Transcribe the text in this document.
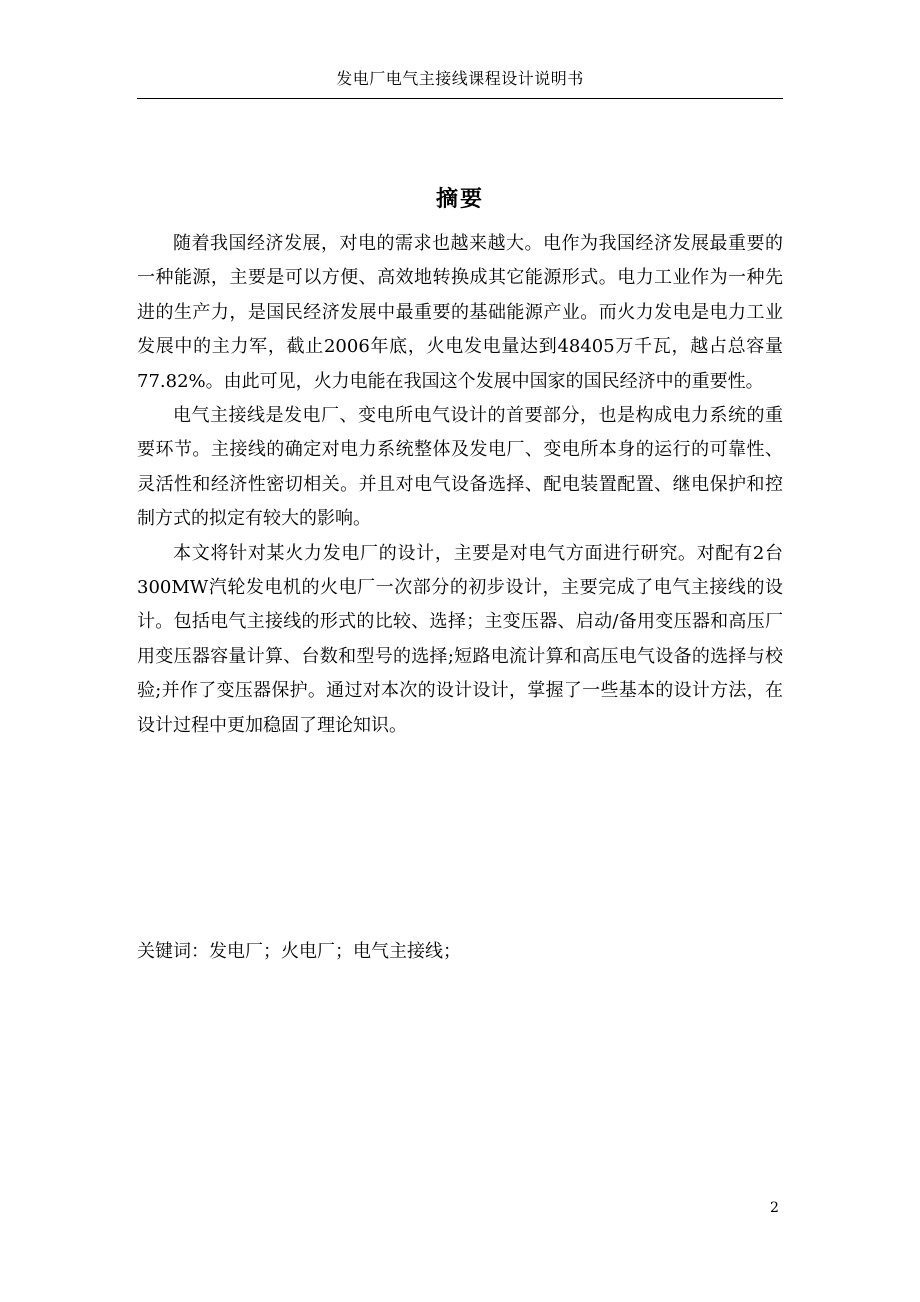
发电厂电气主接线课程设计说明书
摘要

随着我国经济发展，对电的需求也越来越大。电作为我国经济发展最重要的一种能源，主要是可以方便、高效地转换成其它能源形式。电力工业作为一种先进的生产力，是国民经济发展中最重要的基础能源产业。而火力发电是电力工业发展中的主力军，截止2006年底，火电发电量达到48405万千瓦，越占总容量77.82%。由此可见，火力电能在我国这个发展中国家的国民经济中的重要性。

电气主接线是发电厂、变电所电气设计的首要部分，也是构成电力系统的重要环节。主接线的确定对电力系统整体及发电厂、变电所本身的运行的可靠性、灵活性和经济性密切相关。并且对电气设备选择、配电装置配置、继电保护和控制方式的拟定有较大的影响。

本文将针对某火力发电厂的设计，主要是对电气方面进行研究。对配有2台300MW汽轮发电机的火电厂一次部分的初步设计，主要完成了电气主接线的设计。包括电气主接线的形式的比较、选择；主变压器、启动/备用变压器和高压厂用变压器容量计算、台数和型号的选择;短路电流计算和高压电气设备的选择与校验;并作了变压器保护。通过对本次的设计设计，掌握了一些基本的设计方法，在设计过程中更加稳固了理论知识。

关键词：发电厂；火电厂；电气主接线；
2
